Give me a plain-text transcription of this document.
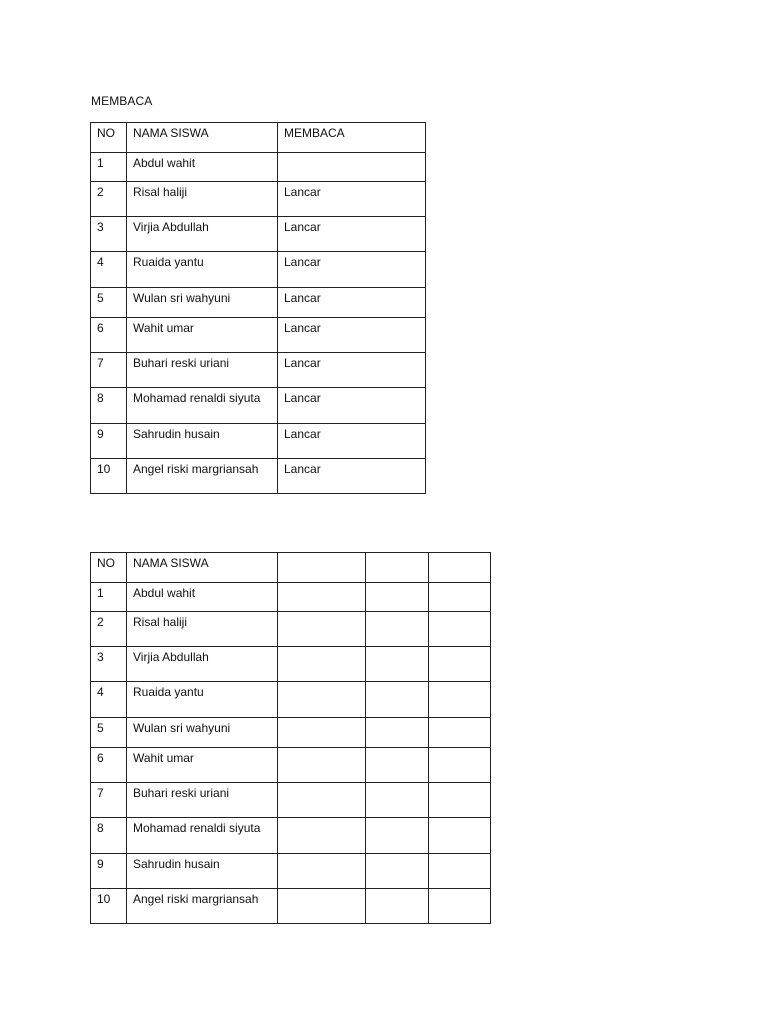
MEMBACA
NO	NAMA SISWA	MEMBACA
1	Abdul wahit	
2	Risal haliji	Lancar
3	Virjia Abdullah	Lancar
4	Ruaida yantu	Lancar
5	Wulan sri wahyuni	Lancar
6	Wahit umar	Lancar
7	Buhari reski uriani	Lancar
8	Mohamad renaldi siyuta	Lancar
9	Sahrudin husain	Lancar
10	Angel riski margriansah	Lancar
NO	NAMA SISWA			
1	Abdul wahit			
2	Risal haliji			
3	Virjia Abdullah			
4	Ruaida yantu			
5	Wulan sri wahyuni			
6	Wahit umar			
7	Buhari reski uriani			
8	Mohamad renaldi siyuta			
9	Sahrudin husain			
10	Angel riski margriansah			
